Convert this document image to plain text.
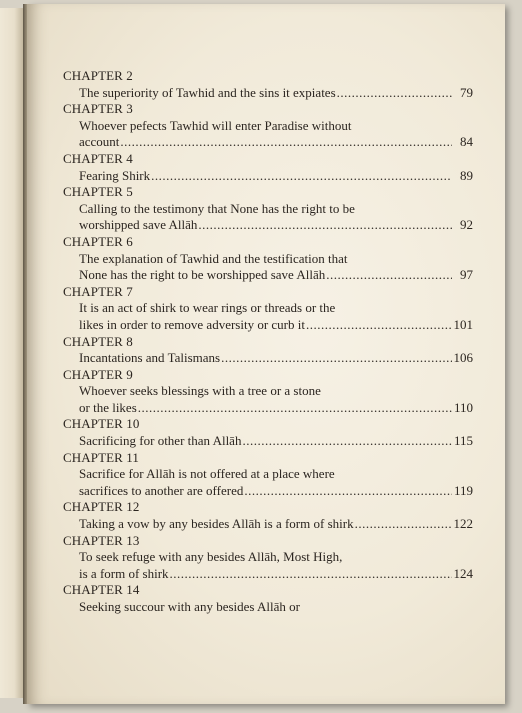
CHAPTER 2
The superiority of Tawhid and the sins it expiates .....	79
CHAPTER 3
Whoever pefects Tawhid will enter Paradise without
account .....	84
CHAPTER 4
Fearing Shirk .....	89
CHAPTER 5
Calling to the testimony that None has the right to be
worshipped save Allāh .....	92
CHAPTER 6
The explanation of Tawhid and the testification that
None has the right to be worshipped save Allāh .....	97
CHAPTER 7
It is an act of shirk to wear rings or threads or the
likes in order to remove adversity or curb it .....	101
CHAPTER 8
Incantations and Talismans .....	106
CHAPTER 9
Whoever seeks blessings with a tree or a stone
or the likes .....	110
CHAPTER 10
Sacrificing for other than Allāh .....	115
CHAPTER 11
Sacrifice for Allāh is not offered at a place where
sacrifices to another are offered .....	119
CHAPTER 12
Taking a vow by any besides Allāh is a form of shirk .....	122
CHAPTER 13
To seek refuge with any besides Allāh, Most High,
is a form of shirk .....	124
CHAPTER 14
Seeking succour with any besides Allāh or
